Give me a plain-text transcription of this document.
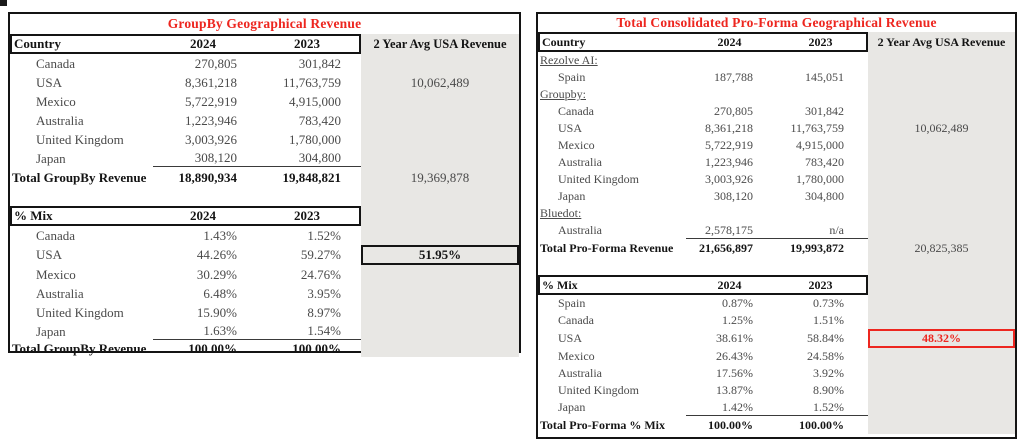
GroupBy Geographical Revenue
Country	2024	2023	2 Year Avg USA Revenue
Canada	270,805	301,842
USA	8,361,218	11,763,759	10,062,489
Mexico	5,722,919	4,915,000
Australia	1,223,946	783,420
United Kingdom	3,003,926	1,780,000
Japan	308,120	304,800
Total GroupBy Revenue	18,890,934	19,848,821	19,369,878
% Mix	2024	2023
Canada	1.43%	1.52%
USA	44.26%	59.27%	51.95%
Mexico	30.29%	24.76%
Australia	6.48%	3.95%
United Kingdom	15.90%	8.97%
Japan	1.63%	1.54%
Total GroupBy Revenue	100.00%	100.00%
Total Consolidated Pro-Forma Geographical Revenue
Country	2024	2023	2 Year Avg USA Revenue
Rezolve AI:
Spain	187,788	145,051
Groupby:
Canada	270,805	301,842
USA	8,361,218	11,763,759	10,062,489
Mexico	5,722,919	4,915,000
Australia	1,223,946	783,420
United Kingdom	3,003,926	1,780,000
Japan	308,120	304,800
Bluedot:
Australia	2,578,175	n/a
Total Pro-Forma Revenue	21,656,897	19,993,872	20,825,385
% Mix	2024	2023
Spain	0.87%	0.73%
Canada	1.25%	1.51%
USA	38.61%	58.84%	48.32%
Mexico	26.43%	24.58%
Australia	17.56%	3.92%
United Kingdom	13.87%	8.90%
Japan	1.42%	1.52%
Total Pro-Forma % Mix	100.00%	100.00%
